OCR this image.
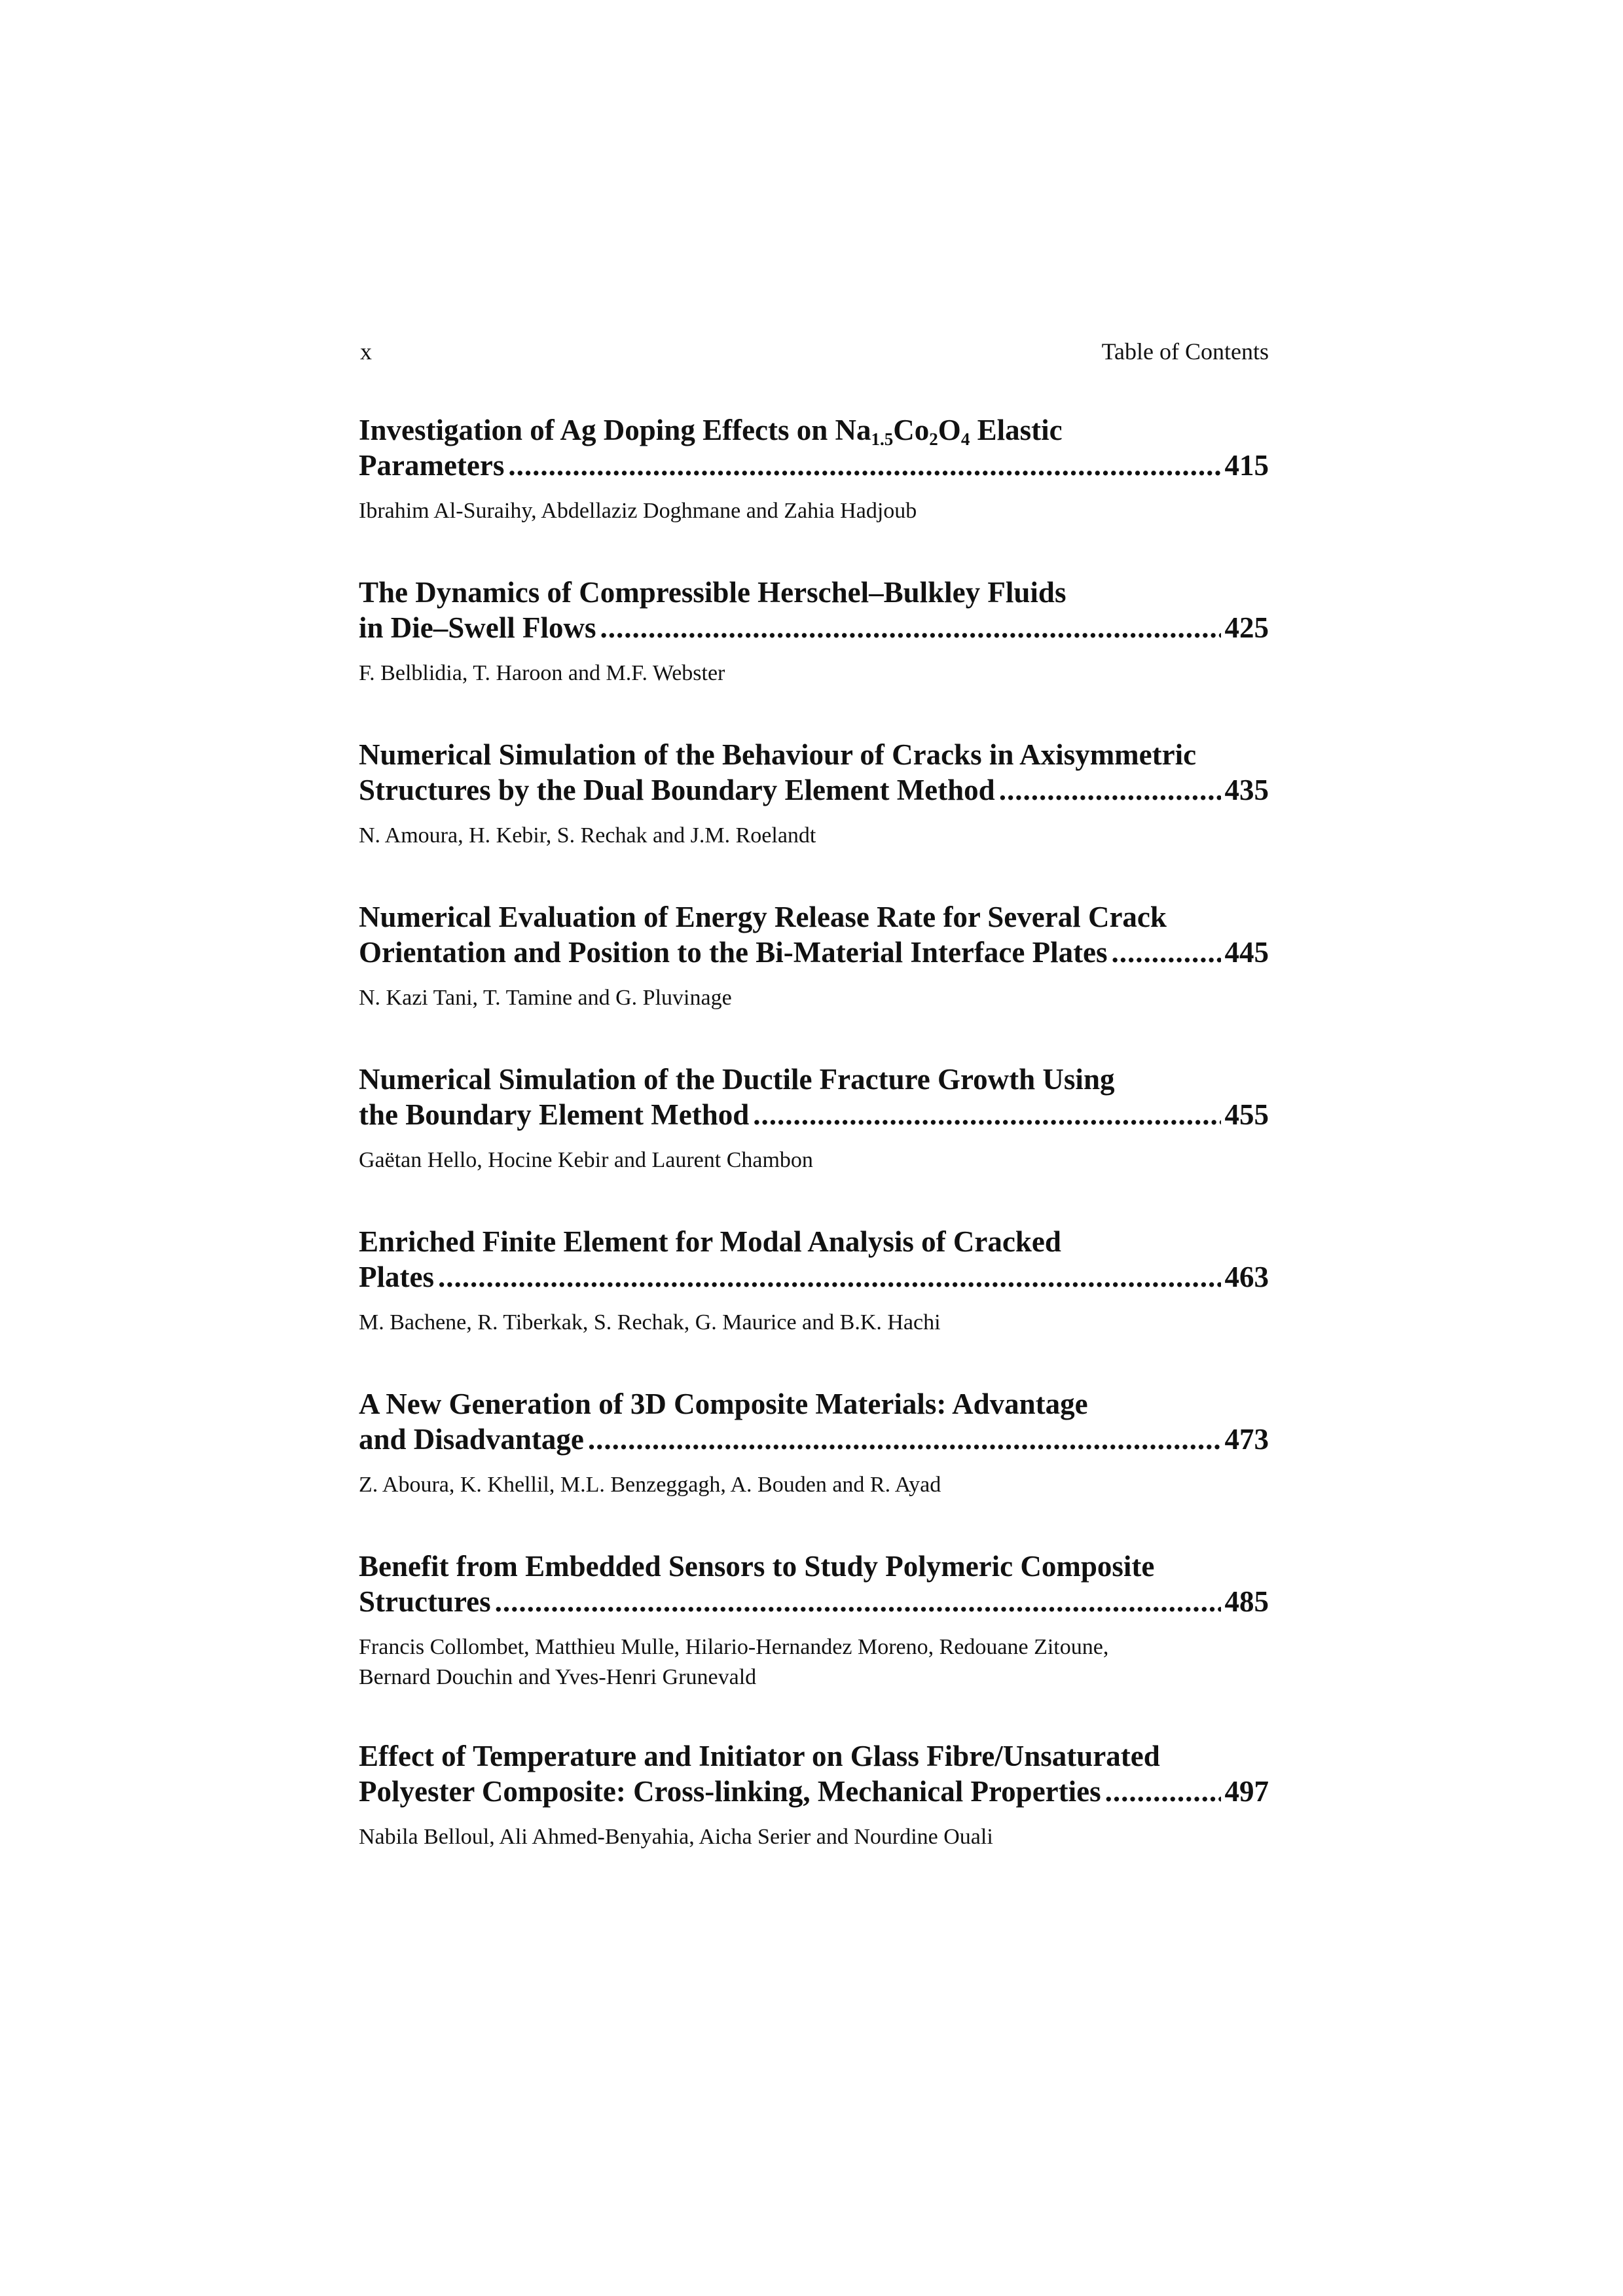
x	Table of Contents
Investigation of Ag Doping Effects on $Na_{1.5}Co_2O_4$ Elastic
Parameters .....	415
Ibrahim Al-Suraihy, Abdellaziz Doghmane and Zahia Hadjoub
The Dynamics of Compressible Herschel–Bulkley Fluids
in Die–Swell Flows .....	425
F. Belblidia, T. Haroon and M.F. Webster
Numerical Simulation of the Behaviour of Cracks in Axisymmetric
Structures by the Dual Boundary Element Method .....	435
N. Amoura, H. Kebir, S. Rechak and J.M. Roelandt
Numerical Evaluation of Energy Release Rate for Several Crack
Orientation and Position to the Bi-Material Interface Plates .....	445
N. Kazi Tani, T. Tamine and G. Pluvinage
Numerical Simulation of the Ductile Fracture Growth Using
the Boundary Element Method .....	455
Gaëtan Hello, Hocine Kebir and Laurent Chambon
Enriched Finite Element for Modal Analysis of Cracked
Plates .....	463
M. Bachene, R. Tiberkak, S. Rechak, G. Maurice and B.K. Hachi
A New Generation of 3D Composite Materials: Advantage
and Disadvantage .....	473
Z. Aboura, K. Khellil, M.L. Benzeggagh, A. Bouden and R. Ayad
Benefit from Embedded Sensors to Study Polymeric Composite
Structures .....	485
Francis Collombet, Matthieu Mulle, Hilario-Hernandez Moreno, Redouane Zitoune,
Bernard Douchin and Yves-Henri Grunevald
Effect of Temperature and Initiator on Glass Fibre/Unsaturated
Polyester Composite: Cross-linking, Mechanical Properties .....	497
Nabila Belloul, Ali Ahmed-Benyahia, Aicha Serier and Nourdine Ouali
